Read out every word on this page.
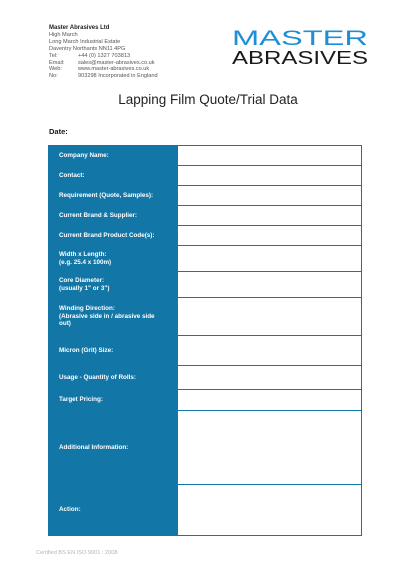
Master Abrasives Ltd
High March
Long March Industrial Estate
Daventry Northants NN11 4PG
Tel:	+44 (0) 1327 703813
Email:	sales@master-abrasives.co.uk
Web:	www.master-abrasives.co.uk
No:	903298 Incorporated in England
MASTER
ABRASIVES
Lapping Film Quote/Trial Data
Date:
Company Name:
Contact:
Requirement (Quote, Samples):
Current Brand & Supplier:
Current Brand Product Code(s):
Width x Length:
(e.g. 25.4 x 100m)
Core Diameter:
(usually 1" or 3")
Winding Direction:
(Abrasive side in / abrasive side
out)
Micron (Grit) Size:
Usage - Quantity of Rolls:
Target Pricing:
Additional Information:
Action:
Certified BS EN ISO 9001 : 2008
